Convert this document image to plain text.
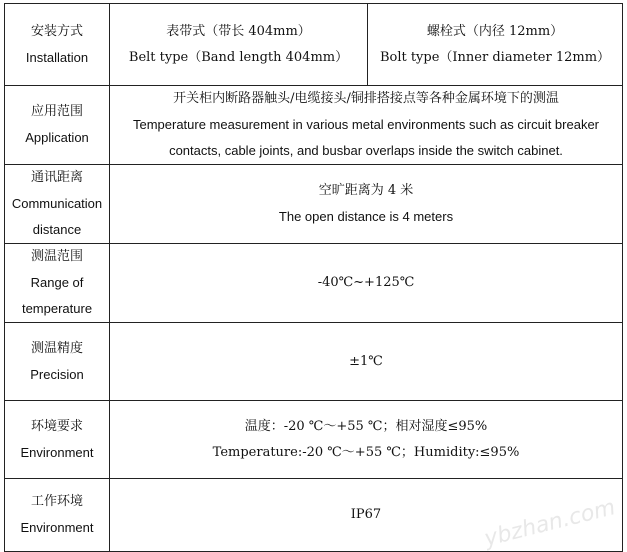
安装方式
Installation	表带式（带长 404mm）
Belt type（Band length 404mm）	螺栓式（内径 12mm）
Bolt type（Inner diameter 12mm）

应用范围
Application	开关柜内断路器触头/电缆接头/铜排搭接点等各种金属环境下的测温
Temperature measurement in various metal environments such as circuit breaker
contacts, cable joints, and busbar overlaps inside the switch cabinet.	

通讯距离
Communication
distance	空旷距离为 4 米
The open distance is 4 meters	

测温范围
Range of
temperature	-40℃~+125℃	

测温精度
Precision	±1℃	

环境要求
Environment	温度：-20 ℃～+55 ℃；相对湿度≤95%
Temperature:-20 ℃～+55 ℃；Humidity:≤95%	

工作环境
Environment	IP67		ybzhan.com
